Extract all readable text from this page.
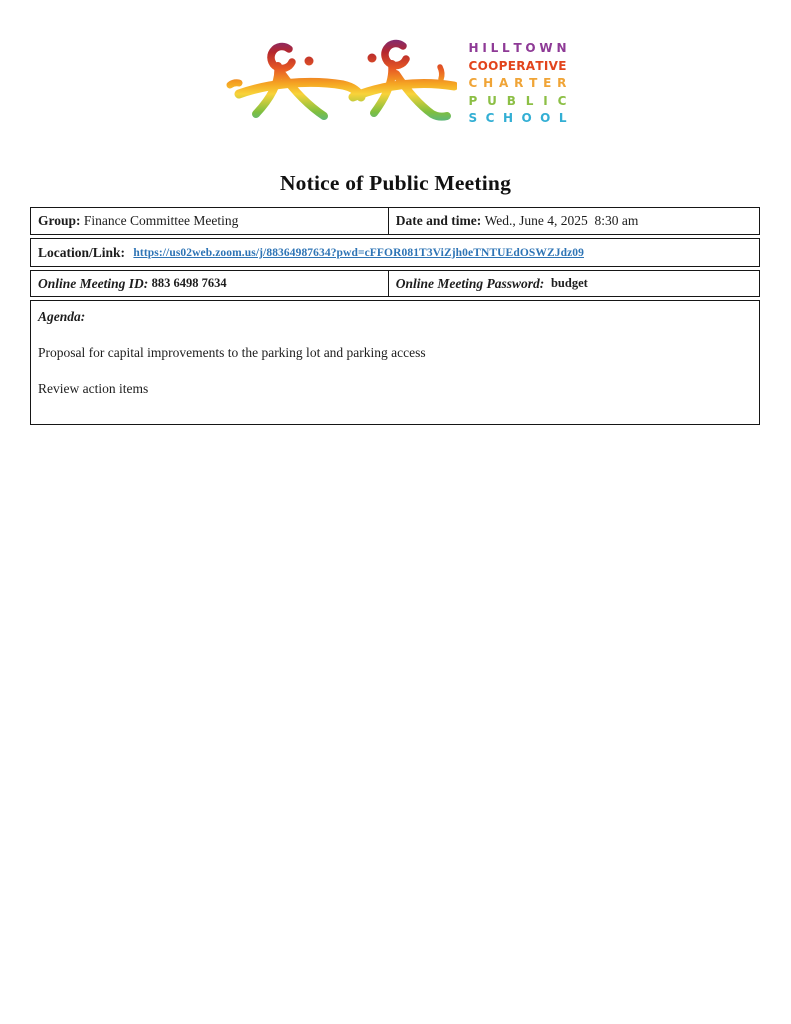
H I L L T O W N
C O O P E R A T I V E
C H A R T E R
P U B L I C
S C H O O L
Notice of Public Meeting
Group: Finance Committee Meeting	Date and time: Wed., June 4, 2025  8:30 am
Location/Link: https://us02web.zoom.us/j/88364987634?pwd=cFFOR081T3ViZjh0eTNTUEdOSWZJdz09
Online Meeting ID: 883 6498 7634	Online Meeting Password: budget

Agenda:

Proposal for capital improvements to the parking lot and parking access

Review action items
